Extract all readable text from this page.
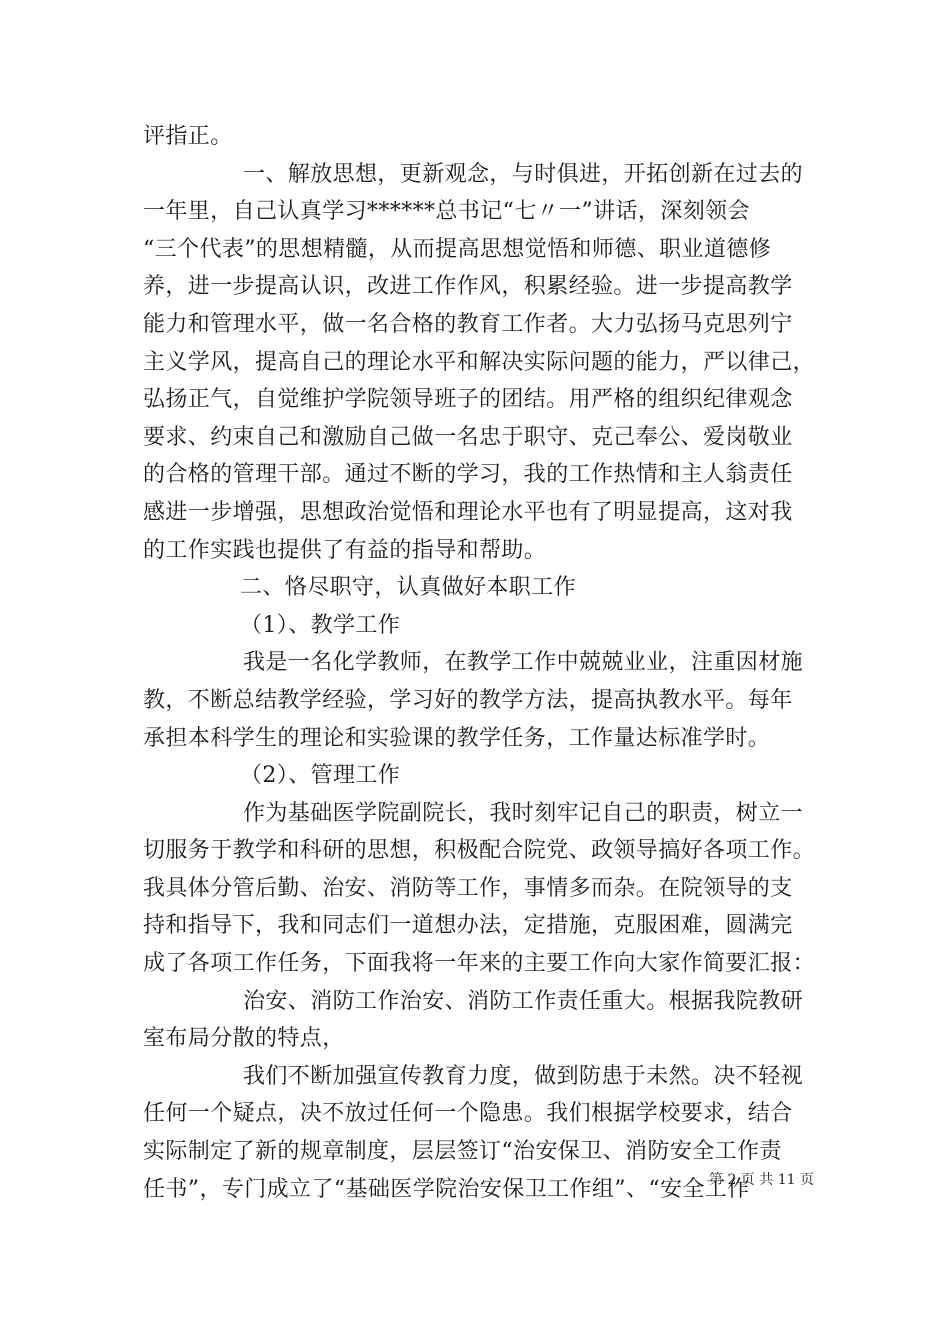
评指正。
一、解放思想，更新观念，与时俱进，开拓创新在过去的
一年里，自己认真学习******总书记“七〃一”讲话，深刻领会
“三个代表”的思想精髓，从而提高思想觉悟和师德、职业道德修
养，进一步提高认识，改进工作作风，积累经验。进一步提高教学
能力和管理水平，做一名合格的教育工作者。大力弘扬马克思列宁
主义学风，提高自己的理论水平和解决实际问题的能力，严以律己，
弘扬正气，自觉维护学院领导班子的团结。用严格的组织纪律观念
要求、约束自己和激励自己做一名忠于职守、克己奉公、爱岗敬业
的合格的管理干部。通过不断的学习，我的工作热情和主人翁责任
感进一步增强，思想政治觉悟和理论水平也有了明显提高，这对我
的工作实践也提供了有益的指导和帮助。
二、恪尽职守，认真做好本职工作
（1）、教学工作
我是一名化学教师，在教学工作中兢兢业业，注重因材施
教，不断总结教学经验，学习好的教学方法，提高执教水平。每年
承担本科学生的理论和实验课的教学任务，工作量达标准学时。
（2）、管理工作
作为基础医学院副院长，我时刻牢记自己的职责，树立一
切服务于教学和科研的思想，积极配合院党、政领导搞好各项工作。
我具体分管后勤、治安、消防等工作，事情多而杂。在院领导的支
持和指导下，我和同志们一道想办法，定措施，克服困难，圆满完
成了各项工作任务，下面我将一年来的主要工作向大家作简要汇报：
治安、消防工作治安、消防工作责任重大。根据我院教研
室布局分散的特点，
我们不断加强宣传教育力度，做到防患于未然。决不轻视
任何一个疑点，决不放过任何一个隐患。我们根据学校要求，结合
实际制定了新的规章制度，层层签订“治安保卫、消防安全工作责
任书”，专门成立了“基础医学院治安保卫工作组”、“安全工作
第 2 页 共 11 页
